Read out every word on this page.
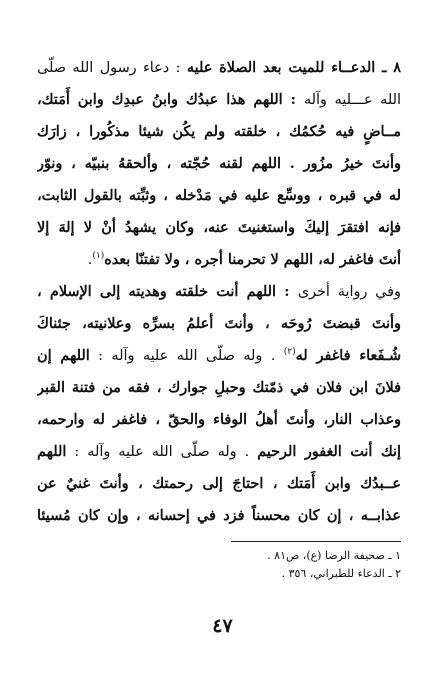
٨ ـ الدعــاء للميت بعد الصلاة عليه : دعاء رسول الله صلّى
الله عـــليه وآله : اللهم هذا عبدُك وابنُ عبدِك وابن أَمَتك،
مــاضٍ فيه حُكمُك ، خلقته ولم يكُن شيئا مذكُورا ، زارَك
وأنتَ خيرُ مزُور . اللهم لقنه حُجّته ، وألحقهُ بنبيّه ، ونوّر
له في قبره ، ووسِّع عليه في مَدْخله ، وثبِّته بالقول الثابت،
فإنه افتقرَ إليكَ واستغنيتَ عنه، وكان يشهدُ أنْ لا إلهَ إلا
أنتَ فاغفر له، اللهم لا تحرمنا أجره ، ولا تفتنّا بعده$^{(١)}$.
وفي رواية أخرى : اللهم أنت خلقته وهديته إلى الإسلام ،
وأنتَ قبضتَ رُوحَه ، وأنتَ أعلمُ بسرِّه وعلانيته، جئناكَ
شُـفَعاء فاغفر له$^{(٢)}$ . وله صلّى الله عليه وآله : اللهم إن
فلانَ ابن فلان في ذمّتك وحبلِ جوارك ، فقه من فتنة القبر
وعذاب النار، وأنتَ أهلُ الوفاء والحقّ ، فاغفر له وارحمه،
إنك أنت الغفور الرحيم . وله صلّى الله عليه وآله : اللهم
عــبدُك وابن أَمَتك ، احتاجَ إلى رحمتك ، وأنتَ غنيٌ عن
عذابــه ، إن كان محسناً فزد في إحسانه ، وإن كان مُسيئا
١ ـ صحيفة الرضا (ع)، ص٨١ .
٢ ـ الدعاء للطبراني، ٣٥٦ .
٤٧
